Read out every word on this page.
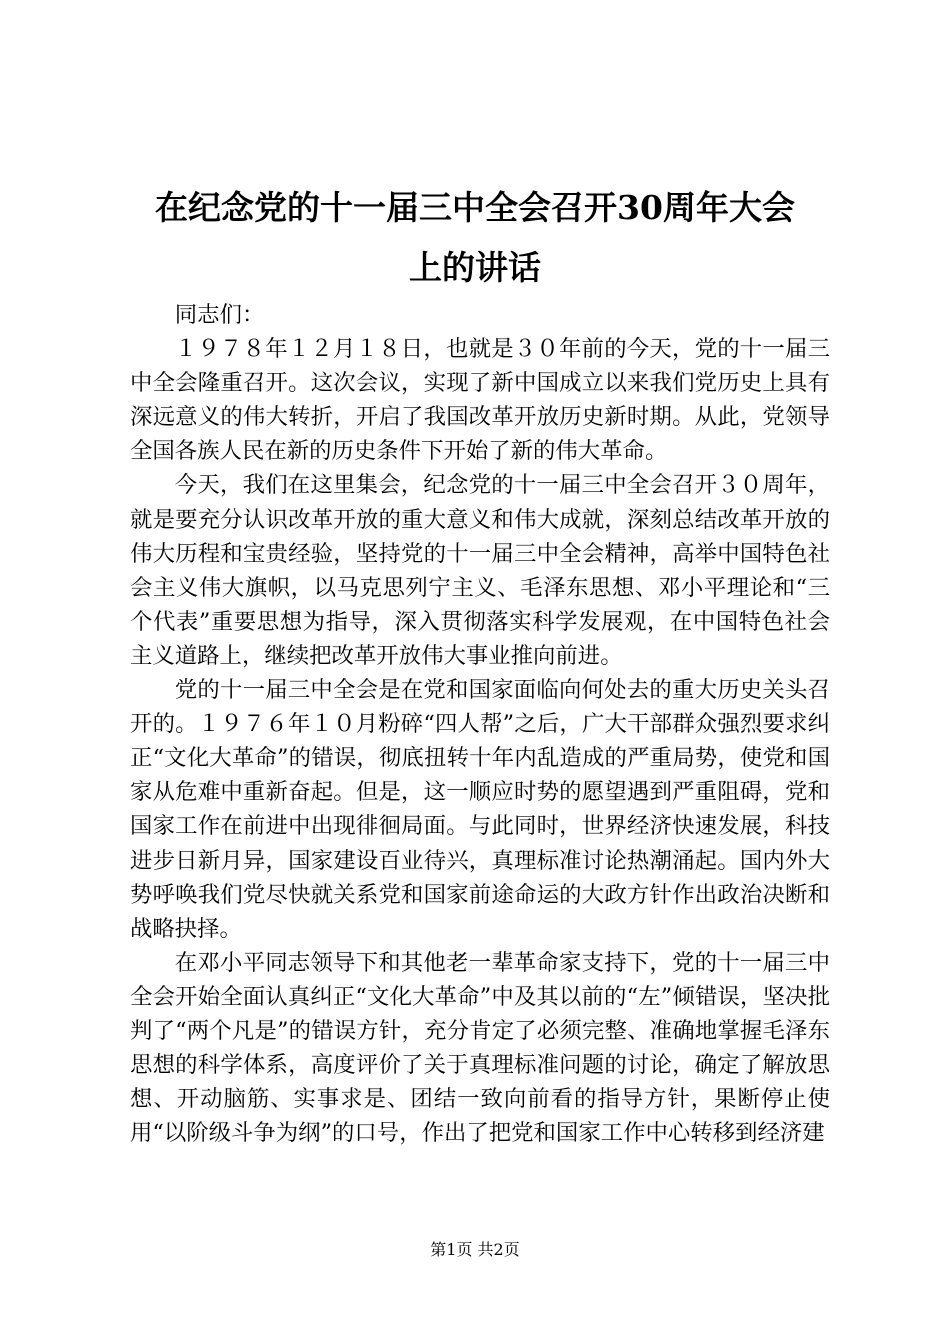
在纪念党的十一届三中全会召开30周年大会
上的讲话

同志们：

１９７８年１２月１８日，也就是３０年前的今天，党的十一届三中全会隆重召开。这次会议，实现了新中国成立以来我们党历史上具有深远意义的伟大转折，开启了我国改革开放历史新时期。从此，党领导全国各族人民在新的历史条件下开始了新的伟大革命。

今天，我们在这里集会，纪念党的十一届三中全会召开３０周年，就是要充分认识改革开放的重大意义和伟大成就，深刻总结改革开放的伟大历程和宝贵经验，坚持党的十一届三中全会精神，高举中国特色社会主义伟大旗帜，以马克思列宁主义、毛泽东思想、邓小平理论和“三个代表”重要思想为指导，深入贯彻落实科学发展观，在中国特色社会主义道路上，继续把改革开放伟大事业推向前进。

党的十一届三中全会是在党和国家面临向何处去的重大历史关头召开的。１９７６年１０月粉碎“四人帮”之后，广大干部群众强烈要求纠正“文化大革命”的错误，彻底扭转十年内乱造成的严重局势，使党和国家从危难中重新奋起。但是，这一顺应时势的愿望遇到严重阻碍，党和国家工作在前进中出现徘徊局面。与此同时，世界经济快速发展，科技进步日新月异，国家建设百业待兴，真理标准讨论热潮涌起。国内外大势呼唤我们党尽快就关系党和国家前途命运的大政方针作出政治决断和战略抉择。

在邓小平同志领导下和其他老一辈革命家支持下，党的十一届三中全会开始全面认真纠正“文化大革命”中及其以前的“左”倾错误，坚决批判了“两个凡是”的错误方针，充分肯定了必须完整、准确地掌握毛泽东思想的科学体系，高度评价了关于真理标准问题的讨论，确定了解放思想、开动脑筋、实事求是、团结一致向前看的指导方针，果断停止使用“以阶级斗争为纲”的口号，作出了把党和国家工作中心转移到经济建

第1页 共2页
